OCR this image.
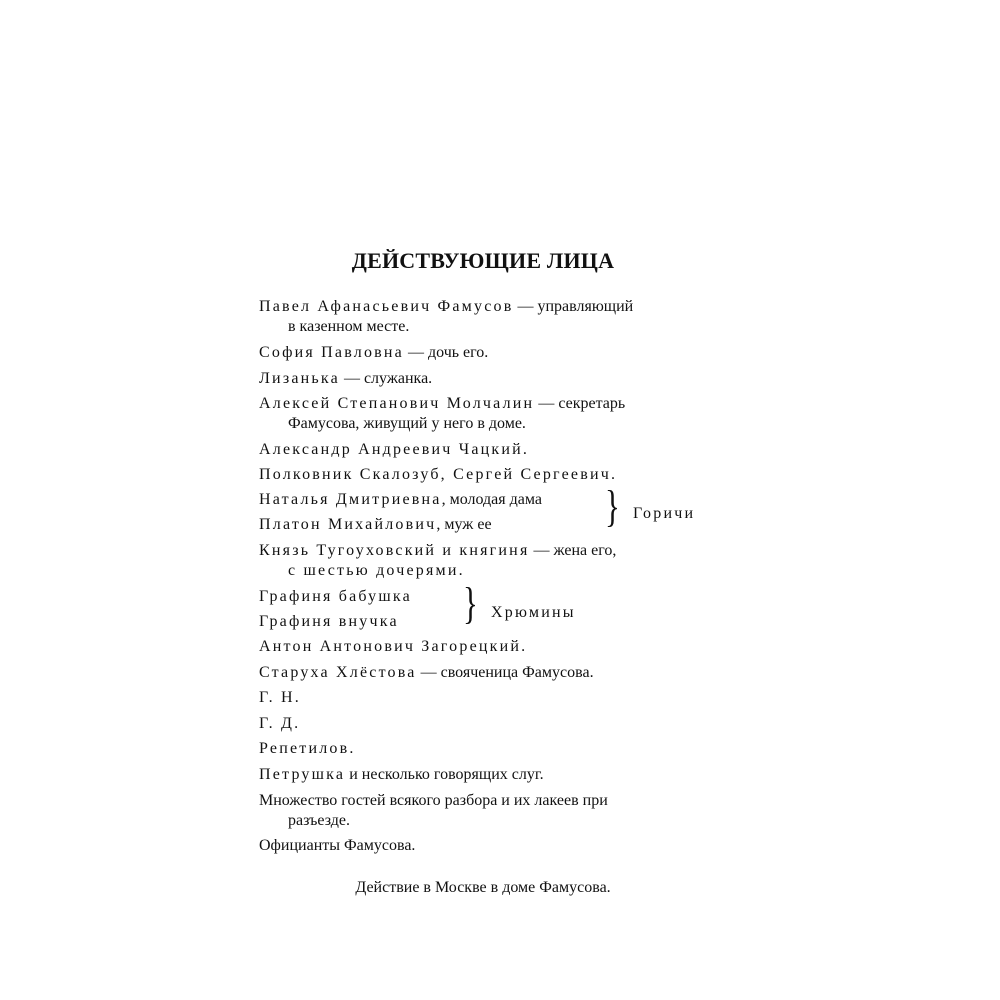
ДЕЙСТВУЮЩИЕ ЛИЦА
Павел Афанасьевич Фамусов — управляющий
в казенном месте.
София Павловна — дочь его.
Лизанька — служанка.
Алексей Степанович Молчалин — секретарь
Фамусова, живущий у него в доме.
Александр Андреевич Чацкий.
Полковник Скалозуб, Сергей Сергеевич.
Наталья Дмитриевна, молодая дама
Платон Михайлович, муж ее	} Горичи
Князь Тугоуховский и княгиня — жена его,
с шестью дочерями.
Графиня бабушка
Графиня внучка } Хрюмины
Антон Антонович Загорецкий.
Старуха Хлёстова — своячeница Фамусова.
Г. Н.
Г. Д.
Репетилов.
Петрушка и несколько говорящих слуг.
Множество гостей всякого разбора и их лакеев при
разъезде.
Официанты Фамусова.
Действие в Москве в доме Фамусова.
